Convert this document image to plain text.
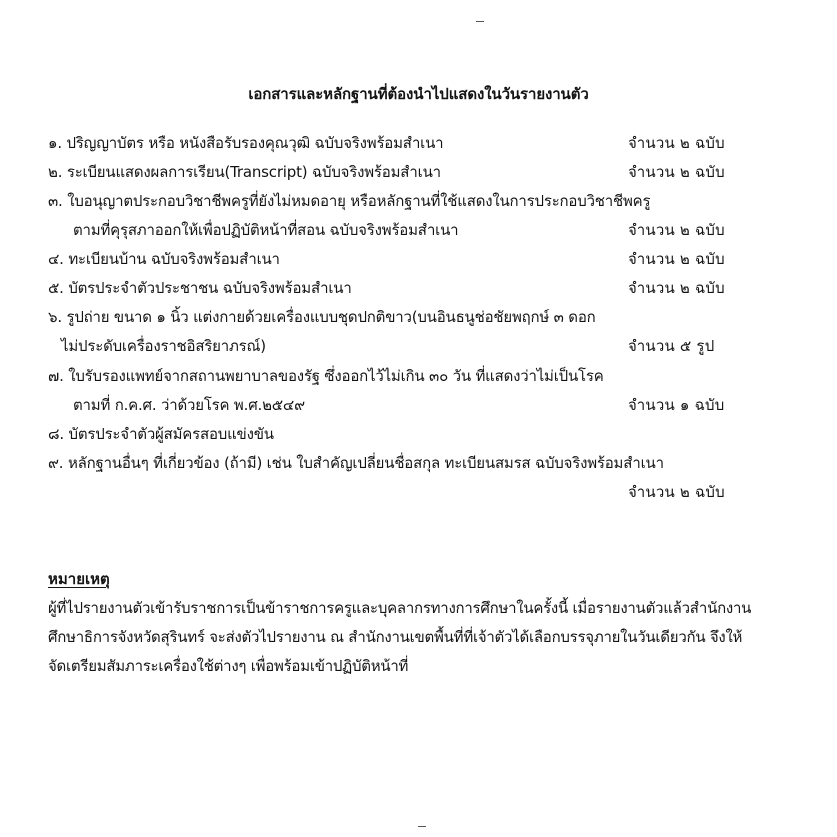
เอกสารและหลักฐานที่ต้องนำไปแสดงในวันรายงานตัว
๑. ปริญญาบัตร หรือ หนังสือรับรองคุณวุฒิ ฉบับจริงพร้อมสำเนา	จำนวน ๒ ฉบับ
๒. ระเบียนแสดงผลการเรียน(Transcript) ฉบับจริงพร้อมสำเนา	จำนวน ๒ ฉบับ
๓. ใบอนุญาตประกอบวิชาชีพครูที่ยังไม่หมดอายุ หรือหลักฐานที่ใช้แสดงในการประกอบวิชาชีพครู
ตามที่คุรุสภาออกให้เพื่อปฏิบัติหน้าที่สอน ฉบับจริงพร้อมสำเนา	จำนวน ๒ ฉบับ
๔. ทะเบียนบ้าน ฉบับจริงพร้อมสำเนา	จำนวน ๒ ฉบับ
๕. บัตรประจำตัวประชาชน ฉบับจริงพร้อมสำเนา	จำนวน ๒ ฉบับ
๖. รูปถ่าย ขนาด ๑ นิ้ว แต่งกายด้วยเครื่องแบบชุดปกติขาว(บนอินธนูช่อชัยพฤกษ์ ๓ ดอก
ไม่ประดับเครื่องราชอิสริยาภรณ์)	จำนวน ๕ รูป
๗. ใบรับรองแพทย์จากสถานพยาบาลของรัฐ ซึ่งออกไว้ไม่เกิน ๓๐ วัน ที่แสดงว่าไม่เป็นโรค
ตามที่ ก.ค.ศ. ว่าด้วยโรค พ.ศ.๒๕๔๙	จำนวน ๑ ฉบับ
๘. บัตรประจำตัวผู้สมัครสอบแข่งขัน
๙. หลักฐานอื่นๆ ที่เกี่ยวข้อง (ถ้ามี) เช่น ใบสำคัญเปลี่ยนชื่อสกุล ทะเบียนสมรส ฉบับจริงพร้อมสำเนา
จำนวน ๒ ฉบับ
หมายเหตุ
ผู้ที่ไปรายงานตัวเข้ารับราชการเป็นข้าราชการครูและบุคลากรทางการศึกษาในครั้งนี้ เมื่อรายงานตัวแล้วสำนักงาน
ศึกษาธิการจังหวัดสุรินทร์ จะส่งตัวไปรายงาน ณ สำนักงานเขตพื้นที่ที่เจ้าตัวได้เลือกบรรจุภายในวันเดียวกัน จึงให้
จัดเตรียมสัมภาระเครื่องใช้ต่างๆ เพื่อพร้อมเข้าปฏิบัติหน้าที่
